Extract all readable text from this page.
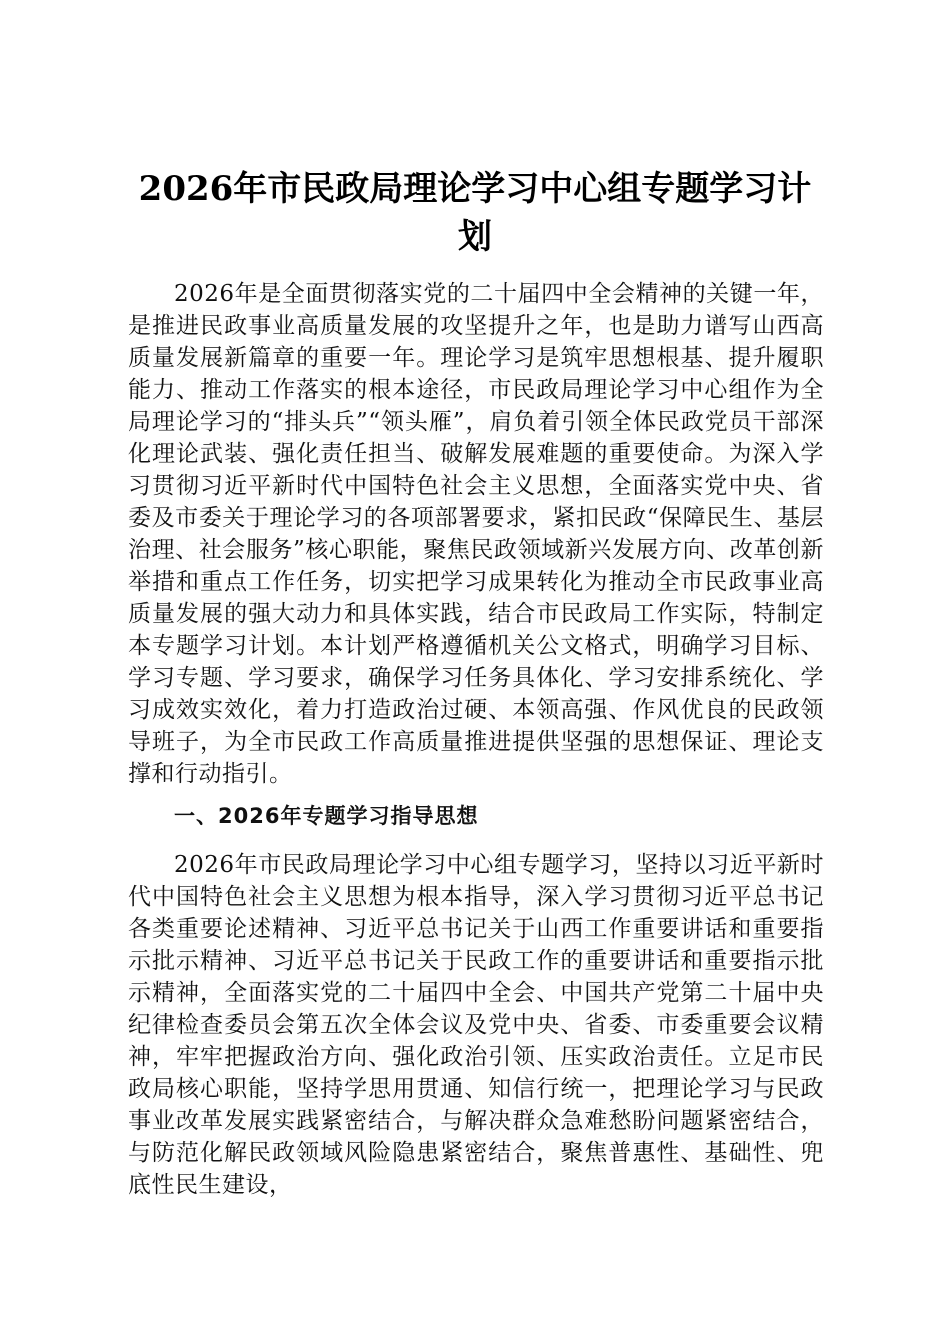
2026年市民政局理论学习中心组专题学习计划

2026年是全面贯彻落实党的二十届四中全会精神的关键一年，是推进民政事业高质量发展的攻坚提升之年，也是助力谱写山西高质量发展新篇章的重要一年。理论学习是筑牢思想根基、提升履职能力、推动工作落实的根本途径，市民政局理论学习中心组作为全局理论学习的“排头兵”“领头雁”，肩负着引领全体民政党员干部深化理论武装、强化责任担当、破解发展难题的重要使命。为深入学习贯彻习近平新时代中国特色社会主义思想，全面落实党中央、省委及市委关于理论学习的各项部署要求，紧扣民政“保障民生、基层治理、社会服务”核心职能，聚焦民政领域新兴发展方向、改革创新举措和重点工作任务，切实把学习成果转化为推动全市民政事业高质量发展的强大动力和具体实践，结合市民政局工作实际，特制定本专题学习计划。本计划严格遵循机关公文格式，明确学习目标、学习专题、学习要求，确保学习任务具体化、学习安排系统化、学习成效实效化，着力打造政治过硬、本领高强、作风优良的民政领导班子，为全市民政工作高质量推进提供坚强的思想保证、理论支撑和行动指引。

一、2026年专题学习指导思想

2026年市民政局理论学习中心组专题学习，坚持以习近平新时代中国特色社会主义思想为根本指导，深入学习贯彻习近平总书记各类重要论述精神、习近平总书记关于山西工作重要讲话和重要指示批示精神、习近平总书记关于民政工作的重要讲话和重要指示批示精神，全面落实党的二十届四中全会、中国共产党第二十届中央纪律检查委员会第五次全体会议及党中央、省委、市委重要会议精神，牢牢把握政治方向、强化政治引领、压实政治责任。立足市民政局核心职能，坚持学思用贯通、知信行统一，把理论学习与民政事业改革发展实践紧密结合，与解决群众急难愁盼问题紧密结合，与防范化解民政领域风险隐患紧密结合，聚焦普惠性、基础性、兜底性民生建设，
